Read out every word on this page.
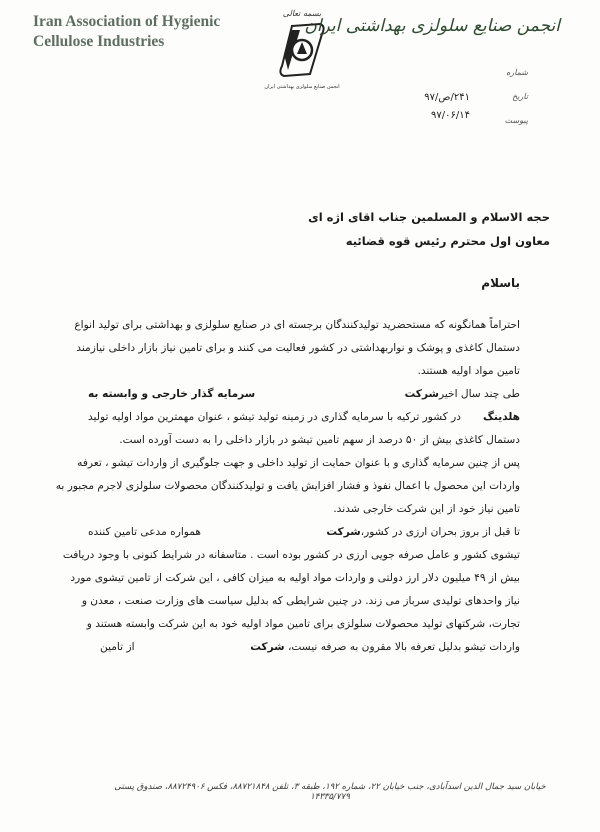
Iran Association of Hygienic
Cellulose Industries
بسمه تعالی
انجمن صنایع سلولزی بهداشتی ایران
انجمن صنایع سلولزی بهداشتی ایران
شماره
تاریخ
پیوست
۲۴۱/ص/۹۷
۹۷/۰۶/۱۴
حجه الاسلام و المسلمین جناب اقای اژه ای
معاون اول محترم رئیس قوه قضائیه
باسلام
احتراماً همانگونه که مستحضرید تولیدکنندگان برجسته ای در صنایع سلولزی و بهداشتی برای تولید انواع
دستمال کاغذی و پوشک و نواربهداشتی در کشور فعالیت می کنند و برای تامین نیاز بازار داخلی نیازمند
تامین مواد اولیه هستند.
طی چند سال اخیرشرکت
سرمایه گذار خارجی و وابسته به
هلدینگ
در کشور ترکیه با سرمایه گذاری در زمینه تولید تیشو ، عنوان مهمترین مواد اولیه تولید
دستمال کاغذی بیش از ۵۰ درصد از سهم تامین تیشو در بازار داخلی را به دست آورده است.
پس از چنین سرمایه گذاری و با عنوان حمایت از تولید داخلی و جهت جلوگیری از واردات تیشو ، تعرفه
واردات این محصول با اعمال نفوذ و فشار افزایش یافت و تولیدکنندگان محصولات سلولزی لاجرم مجبور به
تامین نیاز خود از این شرکت خارجی شدند.
تا قبل از بروز بحران ارزی در کشور،شرکت
همواره مدعی تامین کننده
تیشوی کشور و عامل صرفه جویی ارزی در کشور بوده است . متاسفانه در شرایط کنونی با وجود دریافت
بیش از ۴۹ میلیون دلار ارز دولتی و واردات مواد اولیه به میزان کافی ، این شرکت از تامین تیشوی مورد
نیاز واحدهای تولیدی سرباز می زند. در چنین شرایطی که بدلیل سیاست های وزارت صنعت ، معدن و
تجارت، شرکتهای تولید محصولات سلولزی برای تامین مواد اولیه خود به این شرکت وابسته هستند و
واردات تیشو بدلیل تعرفه بالا مقرون به صرفه نیست، شرکت
از تامین
خیابان سید جمال الدین اسدآبادی، جنب خیابان ۲۲، شماره ۱۹۲، طبقه ۳، تلفن ۸۸۷۲۱۸۴۸، فکس ۸۸۷۲۴۹۰۶، صندوق پستی ۱۴۳۳۵/۷۷۹
